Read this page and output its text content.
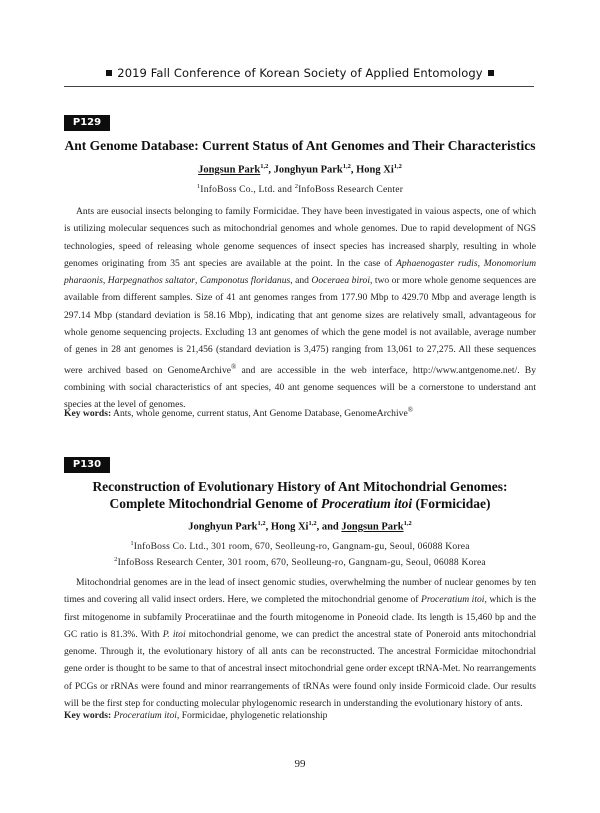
2019 Fall Conference of Korean Society of Applied Entomology
P129
Ant Genome Database: Current Status of Ant Genomes and Their Characteristics
Jongsun Park$^{1,2}$, Jonghyun Park$^{1,2}$, Hong Xi$^{1,2}$
$^1$InfoBoss Co., Ltd. and $^2$InfoBoss Research Center

Ants are eusocial insects belonging to family Formicidae. They have been investigated in vaious aspects, one of which is utilizing molecular sequences such as mitochondrial genomes and whole genomes. Due to rapid development of NGS technologies, speed of releasing whole genome sequences of insect species has increased sharply, resulting in whole genomes originating from 35 ant species are available at the point. In the case of Aphaenogaster rudis, Monomorium pharaonis, Harpegnathos saltator, Camponotus floridanus, and Ooceraea biroi, two or more whole genome sequences are available from different samples. Size of 41 ant genomes ranges from 177.90 Mbp to 429.70 Mbp and average length is 297.14 Mbp (standard deviation is 58.16 Mbp), indicating that ant genome sizes are relatively small, advantageous for whole genome sequencing projects. Excluding 13 ant genomes of which the gene model is not available, average number of genes in 28 ant genomes is 21,456 (standard deviation is 3,475) ranging from 13,061 to 27,275. All these sequences were archived based on GenomeArchive® and are accessible in the web interface, http://www.antgenome.net/. By combining with social characteristics of ant species, 40 ant genome sequences will be a cornerstone to understand ant species at the level of genomes.

Key words: Ants, whole genome, current status, Ant Genome Database, GenomeArchive®
P130
Reconstruction of Evolutionary History of Ant Mitochondrial Genomes:
Complete Mitochondrial Genome of Proceratium itoi (Formicidae)
Jonghyun Park$^{1,2}$, Hong Xi$^{1,2}$, and Jongsun Park$^{1,2}$
$^1$InfoBoss Co. Ltd., 301 room, 670, Seolleung-ro, Gangnam-gu, Seoul, 06088 Korea
$^2$InfoBoss Research Center, 301 room, 670, Seolleung-ro, Gangnam-gu, Seoul, 06088 Korea

Mitochondrial genomes are in the lead of insect genomic studies, overwhelming the number of nuclear genomes by ten times and covering all valid insect orders. Here, we completed the mitochondrial genome of Proceratium itoi, which is the first mitogenome in subfamily Proceratiinae and the fourth mitogenome in Poneoid clade. Its length is 15,460 bp and the GC ratio is 81.3%. With P. itoi mitochondrial genome, we can predict the ancestral state of Poneroid ants mitochondrial genome. Through it, the evolutionary history of all ants can be reconstructed. The ancestral Formicidae mitochondrial gene order is thought to be same to that of ancestral insect mitochondrial gene order except tRNA-Met. No rearrangements of PCGs or rRNAs were found and minor rearrangements of tRNAs were found only inside Formicoid clade. Our results will be the first step for conducting molecular phylogenomic research in understanding the evolutionary history of ants.

Key words: Proceratium itoi, Formicidae, phylogenetic relationship
99
